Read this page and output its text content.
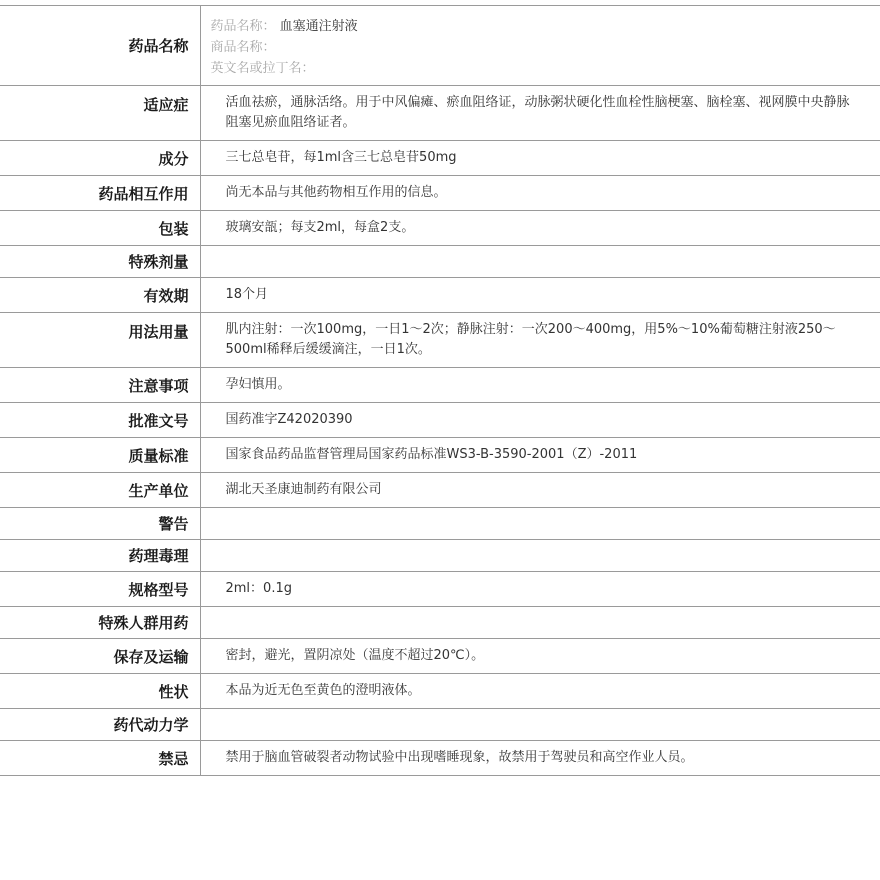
药品名称	药品名称： 血塞通注射液
商品名称：
英文名或拉丁名：

适应症	活血祛瘀，通脉活络。用于中风偏瘫、瘀血阻络证，动脉粥状硬化性血栓性脑梗塞、脑栓塞、视网膜中央静脉阻塞见瘀血阻络证者。
成分	三七总皂苷，每1ml含三七总皂苷50mg
药品相互作用	尚无本品与其他药物相互作用的信息。
包装	玻璃安瓿；每支2ml，每盒2支。
特殊剂量	
有效期	18个月
用法用量	肌内注射：一次100mg，一日1～2次；静脉注射：一次200～400mg，用5%～10%葡萄糖注射液250～500ml稀释后缓缓滴注，一日1次。
注意事项	孕妇慎用。
批准文号	国药准字Z42020390
质量标准	国家食品药品监督管理局国家药品标准WS3-B-3590-2001（Z）-2011
生产单位	湖北天圣康迪制药有限公司
警告	
药理毒理	
规格型号	2ml：0.1g
特殊人群用药	
保存及运输	密封，避光，置阴凉处（温度不超过20℃）。
性状	本品为近无色至黄色的澄明液体。
药代动力学	
禁忌	禁用于脑血管破裂者动物试验中出现嗜睡现象，故禁用于驾驶员和高空作业人员。
